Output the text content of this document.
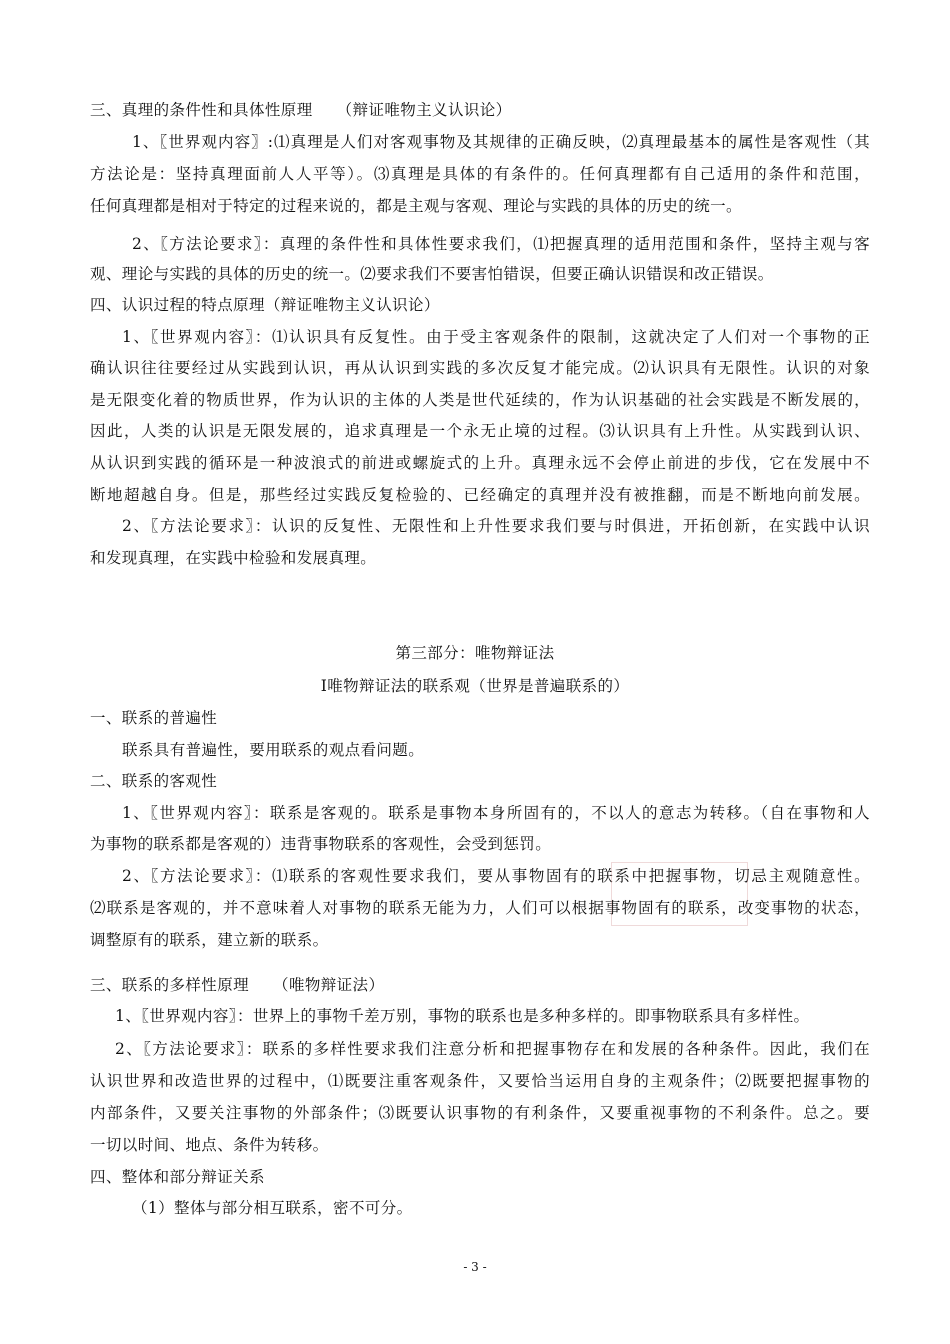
三、真理的条件性和具体性原理　　（辩证唯物主义认识论）
1、〖世界观内容〗:⑴真理是人们对客观事物及其规律的正确反映，⑵真理最基本的属性是客观性（其
方法论是：坚持真理面前人人平等）。⑶真理是具体的有条件的。任何真理都有自己适用的条件和范围，
任何真理都是相对于特定的过程来说的，都是主观与客观、理论与实践的具体的历史的统一。
2、〖方法论要求〗：真理的条件性和具体性要求我们，⑴把握真理的适用范围和条件，坚持主观与客
观、理论与实践的具体的历史的统一。⑵要求我们不要害怕错误，但要正确认识错误和改正错误。
四、认识过程的特点原理（辩证唯物主义认识论）
1、〖世界观内容〗：⑴认识具有反复性。由于受主客观条件的限制，这就决定了人们对一个事物的正
确认识往往要经过从实践到认识，再从认识到实践的多次反复才能完成。⑵认识具有无限性。认识的对象
是无限变化着的物质世界，作为认识的主体的人类是世代延续的，作为认识基础的社会实践是不断发展的，
因此，人类的认识是无限发展的，追求真理是一个永无止境的过程。⑶认识具有上升性。从实践到认识、
从认识到实践的循环是一种波浪式的前进或螺旋式的上升。真理永远不会停止前进的步伐，它在发展中不
断地超越自身。但是，那些经过实践反复检验的、已经确定的真理并没有被推翻，而是不断地向前发展。
2、〖方法论要求〗：认识的反复性、无限性和上升性要求我们要与时俱进，开拓创新，在实践中认识
和发现真理，在实践中检验和发展真理。
第三部分：唯物辩证法
Ⅰ唯物辩证法的联系观（世界是普遍联系的）
一、联系的普遍性
联系具有普遍性，要用联系的观点看问题。
二、联系的客观性
1、〖世界观内容〗：联系是客观的。联系是事物本身所固有的，不以人的意志为转移。（自在事物和人
为事物的联系都是客观的）违背事物联系的客观性，会受到惩罚。
2、〖方法论要求〗：⑴联系的客观性要求我们，要从事物固有的联系中把握事物，切忌主观随意性。
⑵联系是客观的，并不意味着人对事物的联系无能为力，人们可以根据事物固有的联系，改变事物的状态，
调整原有的联系，建立新的联系。
三、联系的多样性原理　　（唯物辩证法）
1、〖世界观内容〗：世界上的事物千差万别，事物的联系也是多种多样的。即事物联系具有多样性。
2、〖方法论要求〗：联系的多样性要求我们注意分析和把握事物存在和发展的各种条件。因此，我们在
认识世界和改造世界的过程中，⑴既要注重客观条件，又要恰当运用自身的主观条件；⑵既要把握事物的
内部条件，又要关注事物的外部条件；⑶既要认识事物的有利条件，又要重视事物的不利条件。总之。要
一切以时间、地点、条件为转移。
四、整体和部分辩证关系
（1）整体与部分相互联系，密不可分。

- 3 -
